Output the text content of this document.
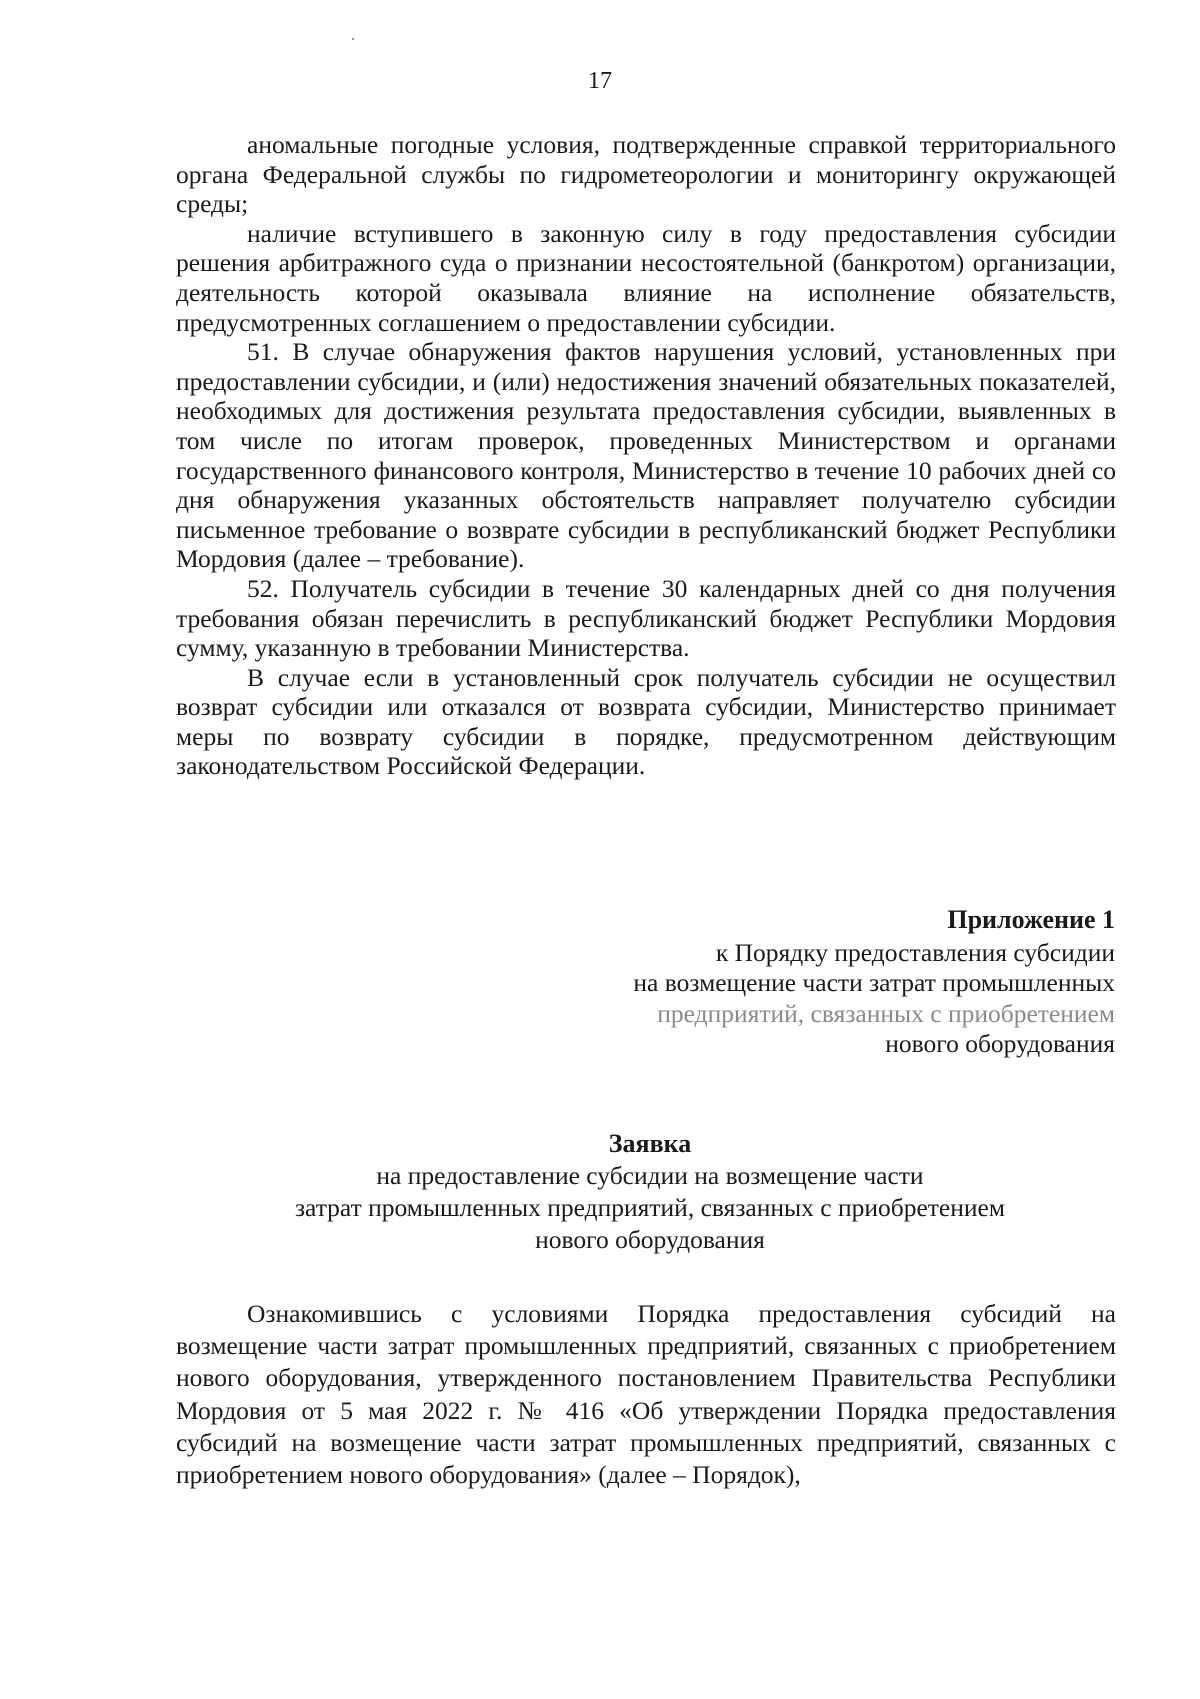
17

аномальные погодные условия, подтвержденные справкой территориального органа Федеральной службы по гидрометеорологии и мониторингу окружающей среды;

наличие вступившего в законную силу в году предоставления субсидии решения арбитражного суда о признании несостоятельной (банкротом) организации, деятельность которой оказывала влияние на исполнение обязательств, предусмотренных соглашением о предоставлении субсидии.

51. В случае обнаружения фактов нарушения условий, установленных при предоставлении субсидии, и (или) недостижения значений обязательных показателей, необходимых для достижения результата предоставления субсидии, выявленных в том числе по итогам проверок, проведенных Министерством и органами государственного финансового контроля, Министерство в течение 10 рабочих дней со дня обнаружения указанных обстоятельств направляет получателю субсидии письменное требование о возврате субсидии в республиканский бюджет Республики Мордовия (далее – требование).

52. Получатель субсидии в течение 30 календарных дней со дня получения требования обязан перечислить в республиканский бюджет Республики Мордовия сумму, указанную в требовании Министерства.

В случае если в установленный срок получатель субсидии не осуществил возврат субсидии или отказался от возврата субсидии, Министерство принимает меры по возврату субсидии в порядке, предусмотренном действующим законодательством Российской Федерации.

Приложение 1
к Порядку предоставления субсидии
на возмещение части затрат промышленных
предприятий, связанных с приобретением
нового оборудования
Заявка
на предоставление субсидии на возмещение части
затрат промышленных предприятий, связанных с приобретением
нового оборудования

Ознакомившись с условиями Порядка предоставления субсидий на возмещение части затрат промышленных предприятий, связанных с приобретением нового оборудования, утвержденного постановлением Правительства Республики Мордовия от 5 мая 2022 г. № 416 «Об утверждении Порядка предоставления субсидий на возмещение части затрат промышленных предприятий, связанных с приобретением нового оборудования» (далее – Порядок),
